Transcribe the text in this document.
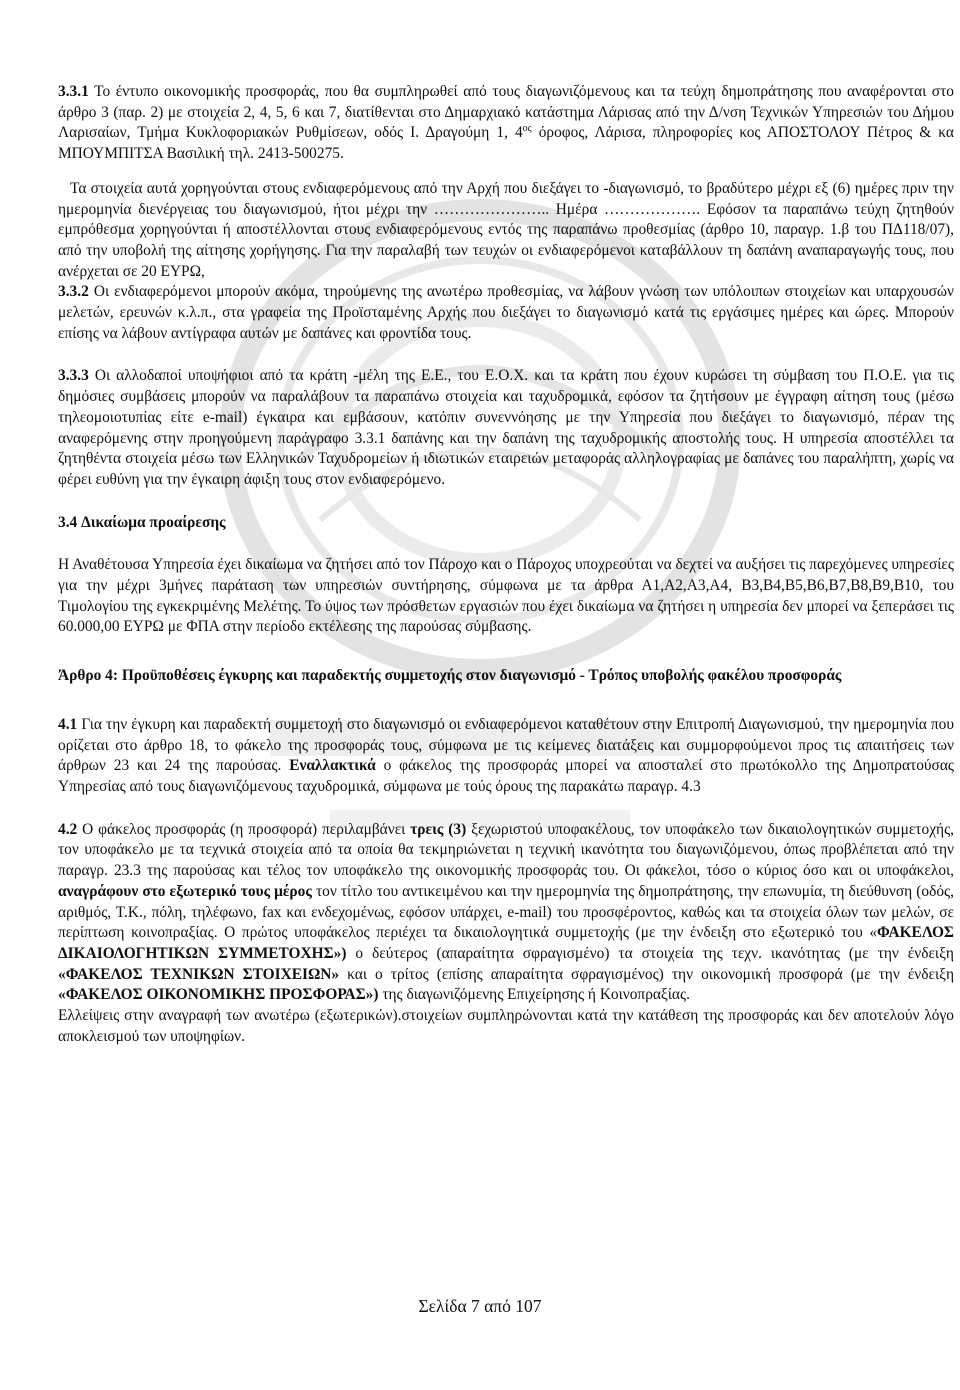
3.3.1 Το έντυπο οικονομικής προσφοράς, που θα συμπληρωθεί από τους διαγωνιζόμενους και τα τεύχη δημοπράτησης που αναφέρονται στο άρθρο 3 (παρ. 2) με στοιχεία 2, 4, 5, 6 και 7, διατίθενται στο Δημαρχιακό κατάστημα Λάρισας από την Δ/νση Τεχνικών Υπηρεσιών του Δήμου Λαρισαίων, Τμήμα Κυκλοφοριακών Ρυθμίσεων, οδός Ι. Δραγούμη 1, $4^{o\varsigma}$ όροφος, Λάρισα, πληροφορίες κος ΑΠΟΣΤΟΛΟΥ Πέτρος & κα ΜΠΟΥΜΠΙΤΣΑ Βασιλική τηλ. 2413-500275.

Τα στοιχεία αυτά χορηγούνται στους ενδιαφερόμενους από την Αρχή που διεξάγει το -διαγωνισμό, το βραδύτερο μέχρι εξ (6) ημέρες πριν την ημερομηνία διενέργειας του διαγωνισμού, ήτοι μέχρι την ………………….. Ημέρα ………………. Εφόσον τα παραπάνω τεύχη ζητηθούν εμπρόθεσμα χορηγούνται ή αποστέλλονται στους ενδιαφερόμενους εντός της παραπάνω προθεσμίας (άρθρο 10, παραγρ. 1.β του ΠΔ118/07), από την υποβολή της αίτησης χορήγησης. Για την παραλαβή των τευχών οι ενδιαφερόμενοι καταβάλλουν τη δαπάνη αναπαραγωγής τους, που ανέρχεται σε 20 ΕΥΡΩ,

3.3.2 Οι ενδιαφερόμενοι μπορούν ακόμα, τηρούμενης της ανωτέρω προθεσμίας, να λάβουν γνώση των υπόλοιπων στοιχείων και υπαρχουσών μελετών, ερευνών κ.λ.π., στα γραφεία της Προϊσταμένης Αρχής που διεξάγει το διαγωνισμό κατά τις εργάσιμες ημέρες και ώρες. Μπορούν επίσης να λάβουν αντίγραφα αυτών με δαπάνες και φροντίδα τους.

3.3.3 Οι αλλοδαποί υποψήφιοι από τα κράτη -μέλη της Ε.Ε., του Ε.Ο.Χ. και τα κράτη που έχουν κυρώσει τη σύμβαση του Π.Ο.Ε. για τις δημόσιες συμβάσεις μπορούν να παραλάβουν τα παραπάνω στοιχεία και ταχυδρομικά, εφόσον τα ζητήσουν με έγγραφη αίτηση τους (μέσω τηλεομοιοτυπίας είτε e-mail) έγκαιρα και εμβάσουν, κατόπιν συνεννόησης με την Υπηρεσία που διεξάγει το διαγωνισμό, πέραν της αναφερόμενης στην προηγούμενη παράγραφο 3.3.1 δαπάνης και την δαπάνη της ταχυδρομικής αποστολής τους. Η υπηρεσία αποστέλλει τα ζητηθέντα στοιχεία μέσω των Ελληνικών Ταχυδρομείων ή ιδιωτικών εταιρειών μεταφοράς αλληλογραφίας με δαπάνες του παραλήπτη, χωρίς να φέρει ευθύνη για την έγκαιρη άφιξη τους στον ενδιαφερόμενο.

3.4 Δικαίωμα προαίρεσης

Η Αναθέτουσα Υπηρεσία έχει δικαίωμα να ζητήσει από τον Πάροχο και ο Πάροχος υποχρεούται να δεχτεί να αυξήσει τις παρεχόμενες υπηρεσίες για την μέχρι 3μήνες παράταση των υπηρεσιών συντήρησης, σύμφωνα με τα άρθρα Α1,Α2,Α3,Α4, Β3,Β4,Β5,Β6,Β7,Β8,Β9,Β10, του Τιμολογίου της εγκεκριμένης Μελέτης. Το ύψος των πρόσθετων εργασιών που έχει δικαίωμα να ζητήσει η υπηρεσία δεν μπορεί να ξεπεράσει τις 60.000,00 ΕΥΡΩ με ΦΠΑ στην περίοδο εκτέλεσης της παρούσας σύμβασης.

Άρθρο 4: Προϋποθέσεις έγκυρης και παραδεκτής συμμετοχής στον διαγωνισμό - Τρόπος υποβολής φακέλου προσφοράς

4.1 Για την έγκυρη και παραδεκτή συμμετοχή στο διαγωνισμό οι ενδιαφερόμενοι καταθέτουν στην Επιτροπή Διαγωνισμού, την ημερομηνία που ορίζεται στο άρθρο 18, το φάκελο της προσφοράς τους, σύμφωνα με τις κείμενες διατάξεις και συμμορφούμενοι προς τις απαιτήσεις των άρθρων 23 και 24 της παρούσας. Εναλλακτικά ο φάκελος της προσφοράς μπορεί να αποσταλεί στο πρωτόκολλο της Δημοπρατούσας Υπηρεσίας από τους διαγωνιζόμενους ταχυδρομικά, σύμφωνα με τούς όρους της παρακάτω παραγρ. 4.3

4.2 Ο φάκελος προσφοράς (η προσφορά) περιλαμβάνει τρεις (3) ξεχωριστού υποφακέλους, τον υποφάκελο των δικαιολογητικών συμμετοχής, τον υποφάκελο με τα τεχνικά στοιχεία από τα οποία θα τεκμηριώνεται η τεχνική ικανότητα του διαγωνιζόμενου, όπως προβλέπεται από την παραγρ. 23.3 της παρούσας και τέλος τον υποφάκελο της οικονομικής προσφοράς του. Οι φάκελοι, τόσο ο κύριος όσο και οι υποφάκελοι, αναγράφουν στο εξωτερικό τους μέρος τον τίτλο του αντικειμένου και την ημερομηνία της δημοπράτησης, την επωνυμία, τη διεύθυνση (οδός, αριθμός, Τ.Κ., πόλη, τηλέφωνο, fax και ενδεχομένως, εφόσον υπάρχει, e-mail) του προσφέροντος, καθώς και τα στοιχεία όλων των μελών, σε περίπτωση κοινοπραξίας. Ο πρώτος υποφάκελος περιέχει τα δικαιολογητικά συμμετοχής (με την ένδειξη στο εξωτερικό του «ΦΑΚΕΛΟΣ ΔΙΚΑΙΟΛΟΓΗΤΙΚΩΝ ΣΥΜΜΕΤΟΧΗΣ») ο δεύτερος (απαραίτητα σφραγισμένο) τα στοιχεία της τεχν. ικανότητας (με την ένδειξη «ΦΑΚΕΛΟΣ ΤΕΧΝΙΚΩΝ ΣΤΟΙΧΕΙΩΝ» και ο τρίτος (επίσης απαραίτητα σφραγισμένος) την οικονομική προσφορά (με την ένδειξη «ΦΑΚΕΛΟΣ ΟΙΚΟΝΟΜΙΚΗΣ ΠΡΟΣΦΟΡΑΣ») της διαγωνιζόμενης Επιχείρησης ή Κοινοπραξίας.

Ελλείψεις στην αναγραφή των ανωτέρω (εξωτερικών).στοιχείων συμπληρώνονται κατά την κατάθεση της προσφοράς και δεν αποτελούν λόγο αποκλεισμού των υποψηφίων.

Σελίδα 7 από 107
